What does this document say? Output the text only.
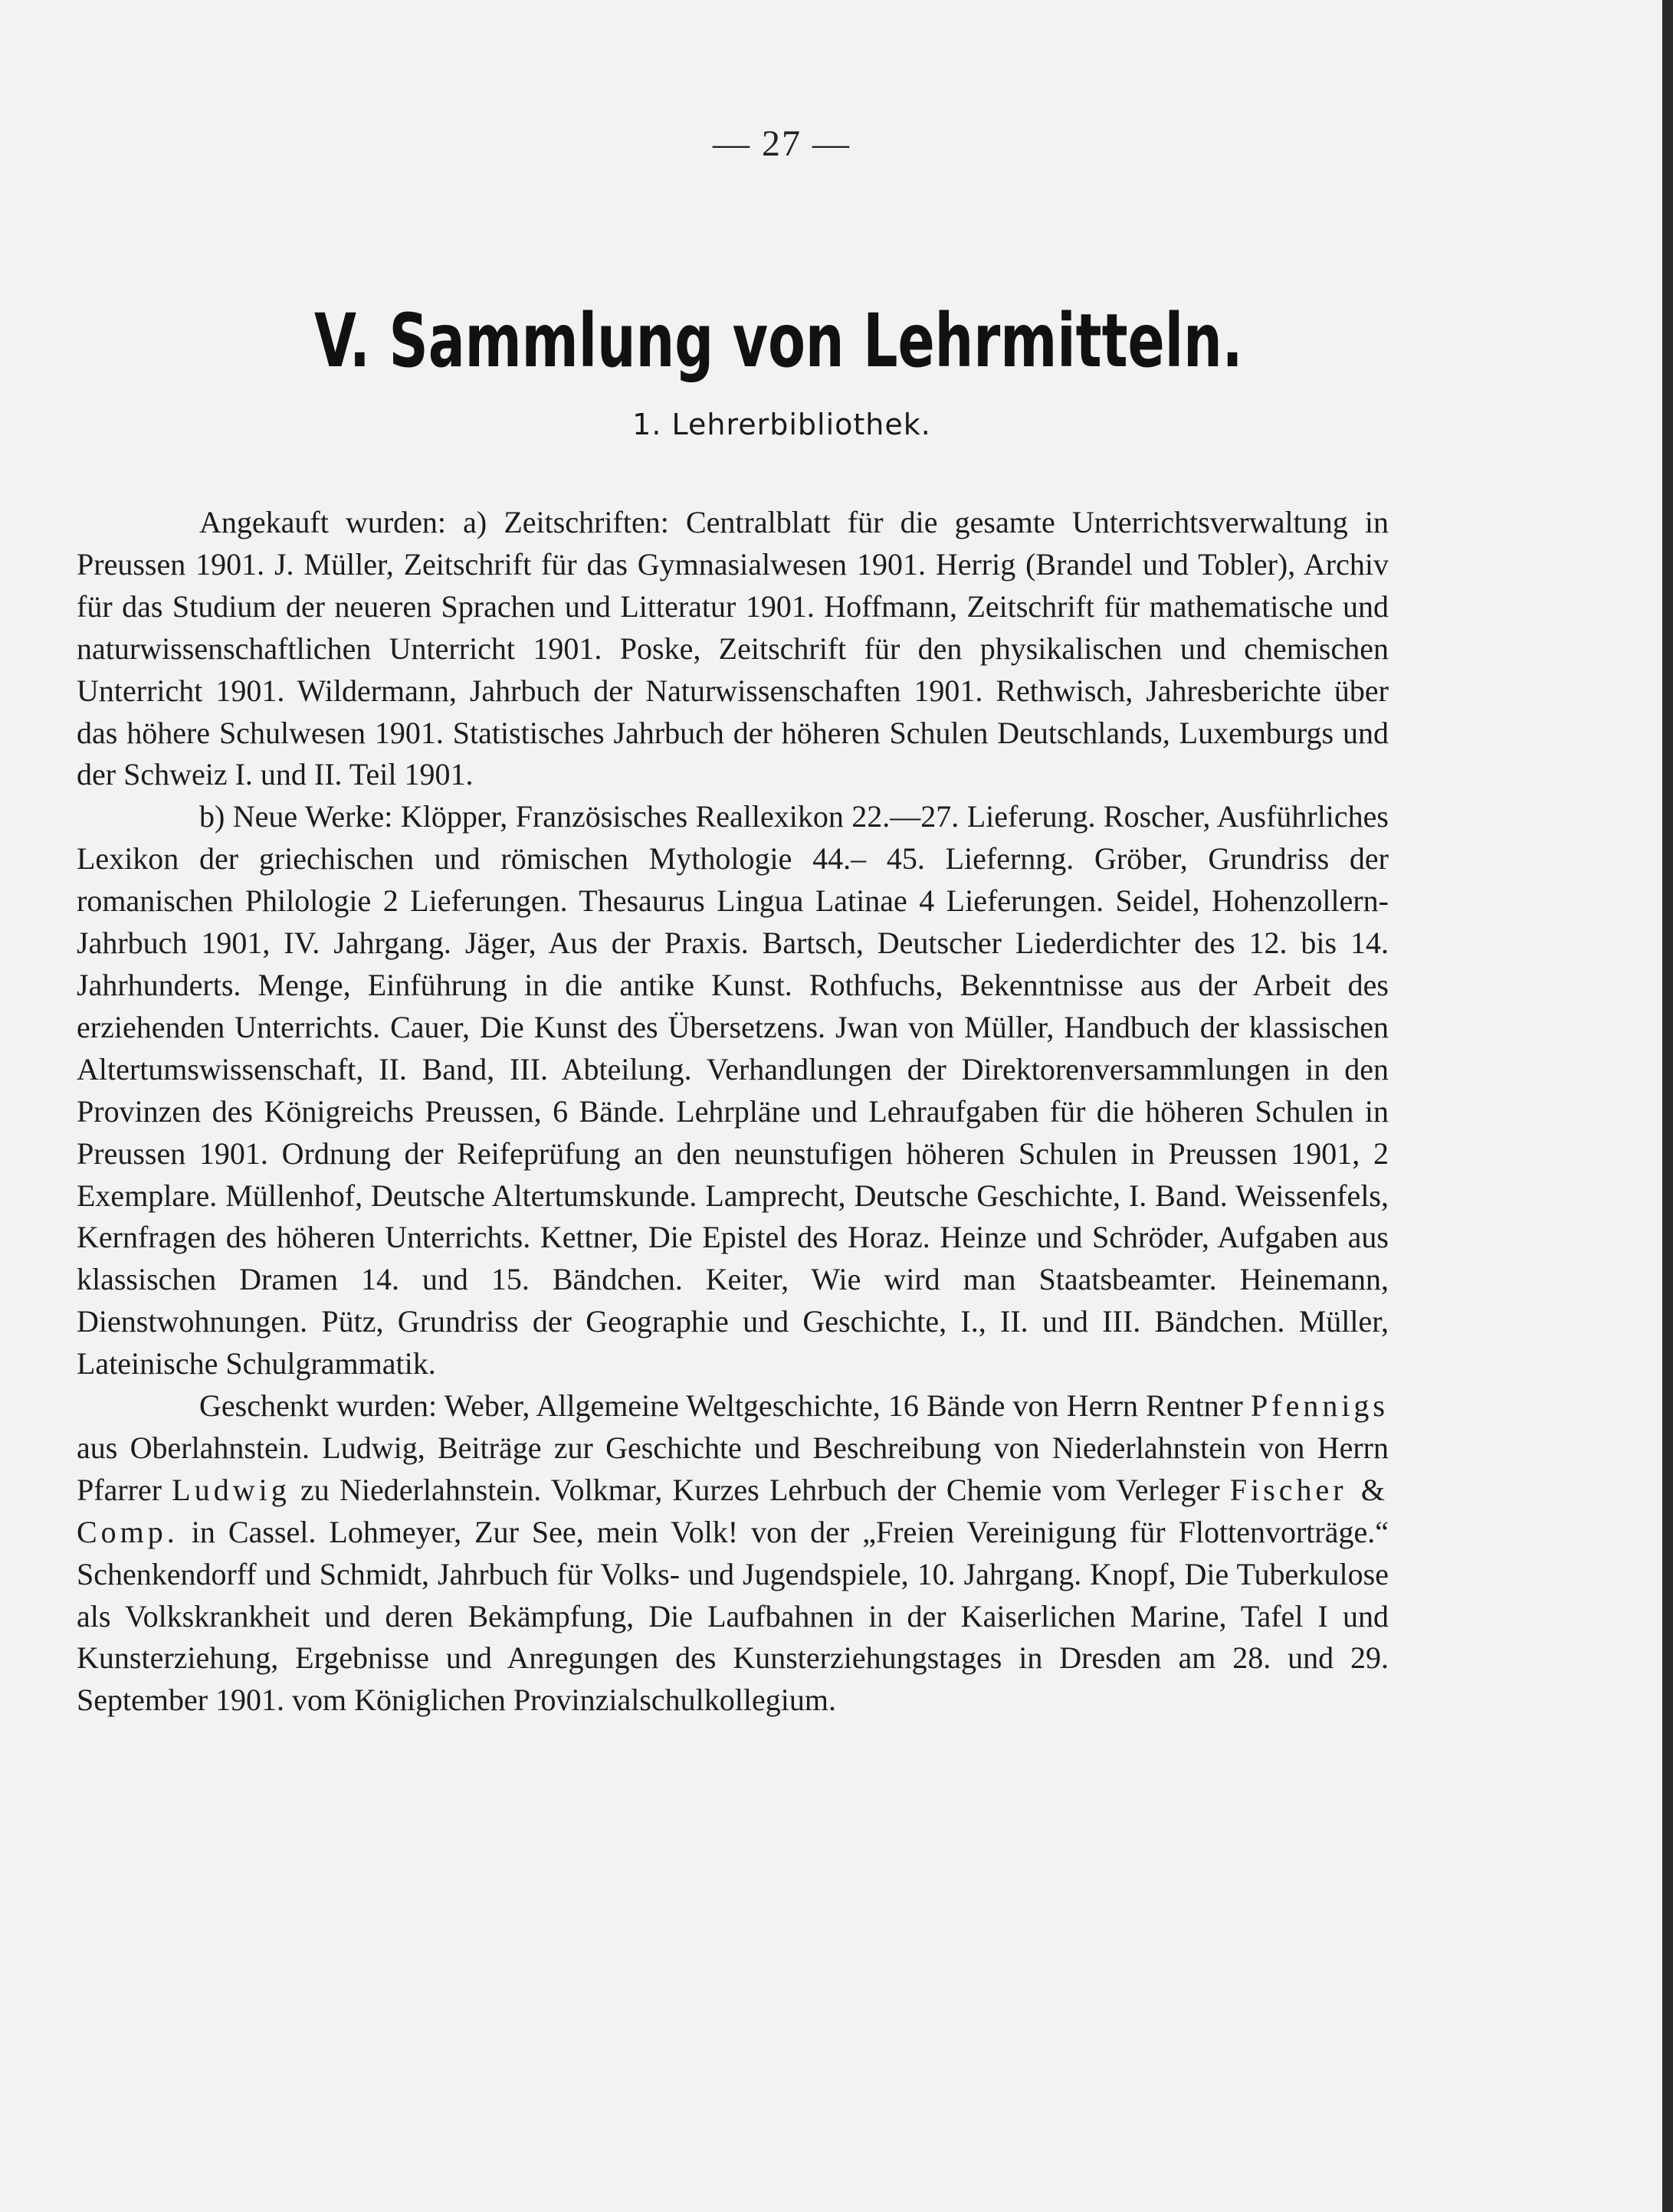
— 27 —
V. Sammlung von Lehrmitteln.
1. Lehrerbibliothek.

Angekauft wurden: a) Zeitschriften: Centralblatt für die gesamte Unterrichtsverwaltung in Preussen 1901. J. Müller, Zeitschrift für das Gymnasialwesen 1901. Herrig (Brandel und Tobler), Archiv für das Studium der neueren Sprachen und Litteratur 1901. Hoffmann, Zeitschrift für mathematische und naturwissenschaftlichen Unterricht 1901. Poske, Zeitschrift für den physikalischen und chemischen Unterricht 1901. Wildermann, Jahrbuch der Naturwissenschaften 1901. Rethwisch, Jahresberichte über das höhere Schulwesen 1901. Statistisches Jahrbuch der höheren Schulen Deutschlands, Luxemburgs und der Schweiz I. und II. Teil 1901.

b) Neue Werke: Klöpper, Französisches Reallexikon 22.—27. Lieferung. Roscher, Ausführliches Lexikon der griechischen und römischen Mythologie 44.– 45. Liefernng. Gröber, Grundriss der romanischen Philologie 2 Lieferungen. Thesaurus Lingua Latinae 4 Lieferungen. Seidel, Hohenzollern-Jahrbuch 1901, IV. Jahrgang. Jäger, Aus der Praxis. Bartsch, Deutscher Liederdichter des 12. bis 14. Jahrhunderts. Menge, Einführung in die antike Kunst. Rothfuchs, Bekenntnisse aus der Arbeit des erziehenden Unterrichts. Cauer, Die Kunst des Übersetzens. Jwan von Müller, Handbuch der klassischen Altertumswissenschaft, II. Band, III. Abteilung. Verhandlungen der Direktorenversammlungen in den Provinzen des Königreichs Preussen, 6 Bände. Lehrpläne und Lehraufgaben für die höheren Schulen in Preussen 1901. Ordnung der Reifeprüfung an den neunstufigen höheren Schulen in Preussen 1901, 2 Exemplare. Müllenhof, Deutsche Altertumskunde. Lamprecht, Deutsche Geschichte, I. Band. Weissenfels, Kernfragen des höheren Unterrichts. Kettner, Die Epistel des Horaz. Heinze und Schröder, Aufgaben aus klassischen Dramen 14. und 15. Bändchen. Keiter, Wie wird man Staatsbeamter. Heinemann, Dienstwohnungen. Pütz, Grundriss der Geographie und Geschichte, I., II. und III. Bändchen. Müller, Lateinische Schulgrammatik.

Geschenkt wurden: Weber, Allgemeine Weltgeschichte, 16 Bände von Herrn Rentner Pfennigs aus Oberlahnstein. Ludwig, Beiträge zur Geschichte und Beschreibung von Niederlahnstein von Herrn Pfarrer Ludwig zu Niederlahnstein. Volkmar, Kurzes Lehrbuch der Chemie vom Verleger Fischer & Comp. in Cassel. Lohmeyer, Zur See, mein Volk! von der „Freien Vereinigung für Flottenvorträge.“ Schenkendorff und Schmidt, Jahrbuch für Volks- und Jugendspiele, 10. Jahrgang. Knopf, Die Tuberkulose als Volkskrankheit und deren Bekämpfung, Die Laufbahnen in der Kaiserlichen Marine, Tafel I und Kunsterziehung, Ergebnisse und Anregungen des Kunsterziehungstages in Dresden am 28. und 29. September 1901. vom Königlichen Provinzialschulkollegium.
